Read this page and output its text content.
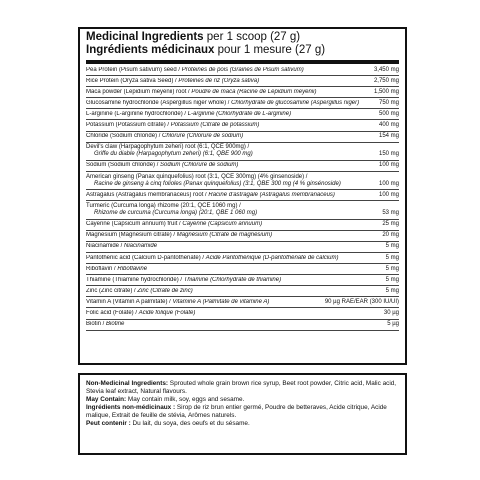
Medicinal Ingredients per 1 scoop (27 g)
Ingrédients médicinaux pour 1 mesure (27 g)
Pea Protein (Pisum sativum) seed / Protéines de pois (Graines de Pisum sativum)	3,450 mg
Rice Protein (Oryza sativa Seed) / Protéines de riz (Oryza sativa)	2,750 mg
Maca powder (Lepidium meyenii) root / Poudre de maca (Racine de Lepidium meyenii)	1,500 mg
Glucosamine hydrochloride (Aspergillus niger whole) / Chlorhydrate de glucosamine (Aspergillus niger)	750 mg
L-arginine (L-arginine hydrochloride) / L-arginine (Chlorhydrate de L-arginine)	500 mg
Potassium (Potassium citrate) / Potassium (Citrate de potassium)	400 mg
Chloride (Sodium chloride) / Chlorure (Chlorure de sodium)	154 mg
Devil's claw (Harpagophytum zeheri) root (6:1, QCE 900mg) /
Griffe du diable (Harpagophytum zeheri) (6:1, QBE 900 mg)	150 mg
Sodium (Sodium chloride) / Sodium (Chlorure de sodium)	100 mg
American ginseng (Panax quinquefolius) root (3:1, QCE 300mg) (4% ginsenoside) /
Racine de ginseng à cinq folioles (Panax quinquefolius) (3:1, QBE 300 mg (4 % ginsénoside)	100 mg
Astragalus (Astragalus membranaceus) root / Racine d'astragale (Astragalus membranaceus)	100 mg
Turmeric (Curcuma longa) rhizome (20:1, QCE 1060 mg) /
Rhizome de curcuma (Curcuma longa) (20:1, QBE 1 060 mg)	53 mg
Cayenne (Capsicum annuum) fruit / Cayenne (Capsicum annuum)	25 mg
Magnesium (Magnesium citrate) / Magnésium (Citrate de magnésium)	20 mg
Niacinamide / Niacinamide	5 mg
Pantothenic acid (Calcium D-pantothenate) / Acide Pantothénique (D-pantothénate de calcium)	5 mg
Riboflavin / Riboflavine	5 mg
Thiamine (Thiamine hydrochloride) / Thiamine (Chlorhydrate de thiamine)	5 mg
Zinc (Zinc citrate) / Zinc (Citrate de zinc)	5 mg
Vitamin A (Vitamin A palmitate) / Vitamine A (Palmitate de vitamine A)	90 µg RAE/EAR (300 IU/UI)
Folic acid (Folate) / Acide folique (Folate)	30 µg
Biotin / Biotine	5 µg
Non-Medicinal Ingredients: Sprouted whole grain brown rice syrup, Beet root powder, Citric acid, Malic acid, Stevia leaf extract, Natural flavours.
May Contain: May contain milk, soy, eggs and sesame.
Ingrédients non-médicinaux : Sirop de riz brun entier germé, Poudre de betteraves, Acide citrique, Acide malique, Extrait de feuille de stévia, Arômes naturels.
Peut contenir : Du lait, du soya, des oeufs et du sésame.
